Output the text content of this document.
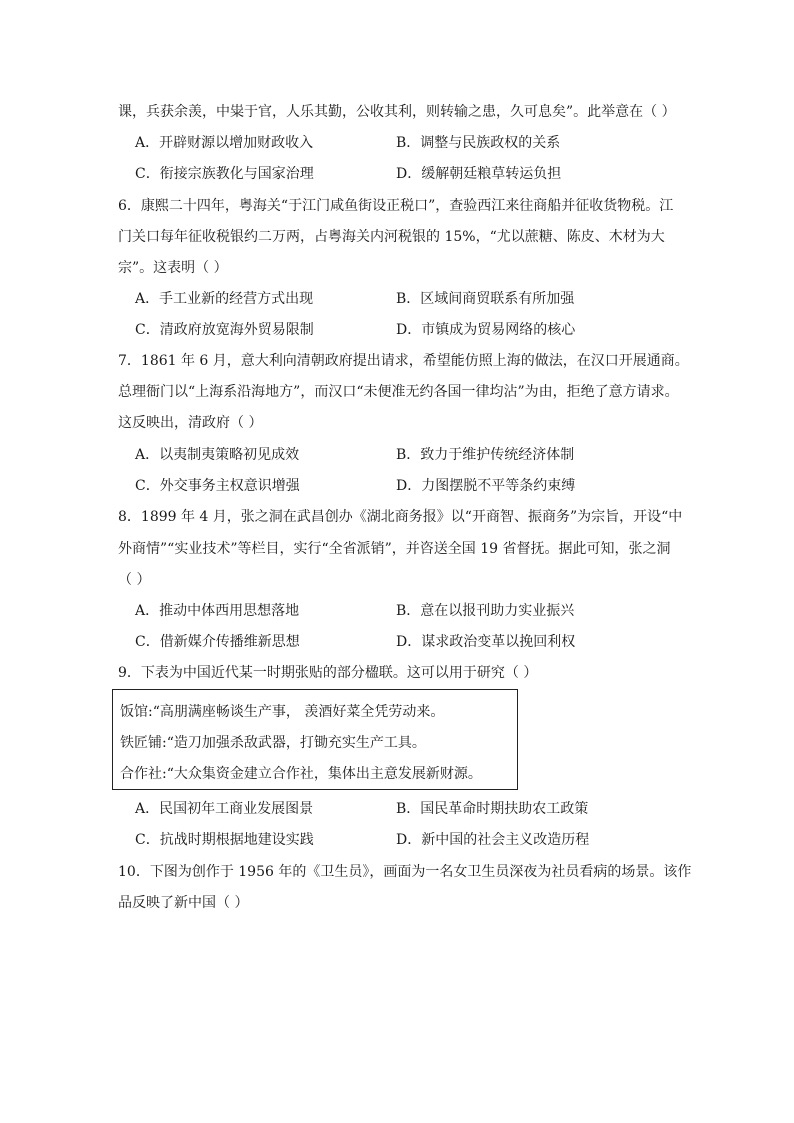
课，兵获余羡，中粜于官，人乐其勤，公收其利，则转输之患，久可息矣”。此举意在（ ）
A．开辟财源以增加财政收入	B．调整与民族政权的关系
C．衔接宗族教化与国家治理	D．缓解朝廷粮草转运负担
6．康熙二十四年，粤海关“于江门咸鱼街设正税口”，查验西江来往商船并征收货物税。江
门关口每年征收税银约二万两，占粤海关内河税银的 15%，“尤以蔗糖、陈皮、木材为大
宗”。这表明（ ）
A．手工业新的经营方式出现	B．区域间商贸联系有所加强
C．清政府放宽海外贸易限制	D．市镇成为贸易网络的核心
7．1861 年 6 月，意大利向清朝政府提出请求，希望能仿照上海的做法，在汉口开展通商。
总理衙门以“上海系沿海地方”，而汉口“未便准无约各国一律均沾”为由，拒绝了意方请求。
这反映出，清政府（ ）
A．以夷制夷策略初见成效	B．致力于维护传统经济体制
C．外交事务主权意识增强	D．力图摆脱不平等条约束缚
8．1899 年 4 月，张之洞在武昌创办《湖北商务报》以“开商智、振商务”为宗旨，开设“中
外商情”“实业技术”等栏目，实行“全省派销”，并咨送全国 19 省督抚。据此可知，张之洞
（ ）
A．推动中体西用思想落地	B．意在以报刊助力实业振兴
C．借新媒介传播维新思想	D．谋求政治变革以挽回利权
9．下表为中国近代某一时期张贴的部分楹联。这可以用于研究（ ）
饭馆:“高朋满座畅谈生产事， 羡酒好菜全凭劳动来。
铁匠铺:“造刀加强杀敌武器，打锄充实生产工具。
合作社:“大众集资金建立合作社，集体出主意发展新财源。
A．民国初年工商业发展图景	B．国民革命时期扶助农工政策
C．抗战时期根据地建设实践	D．新中国的社会主义改造历程
10．下图为创作于 1956 年的《卫生员》，画面为一名女卫生员深夜为社员看病的场景。该作
品反映了新中国（ ）
